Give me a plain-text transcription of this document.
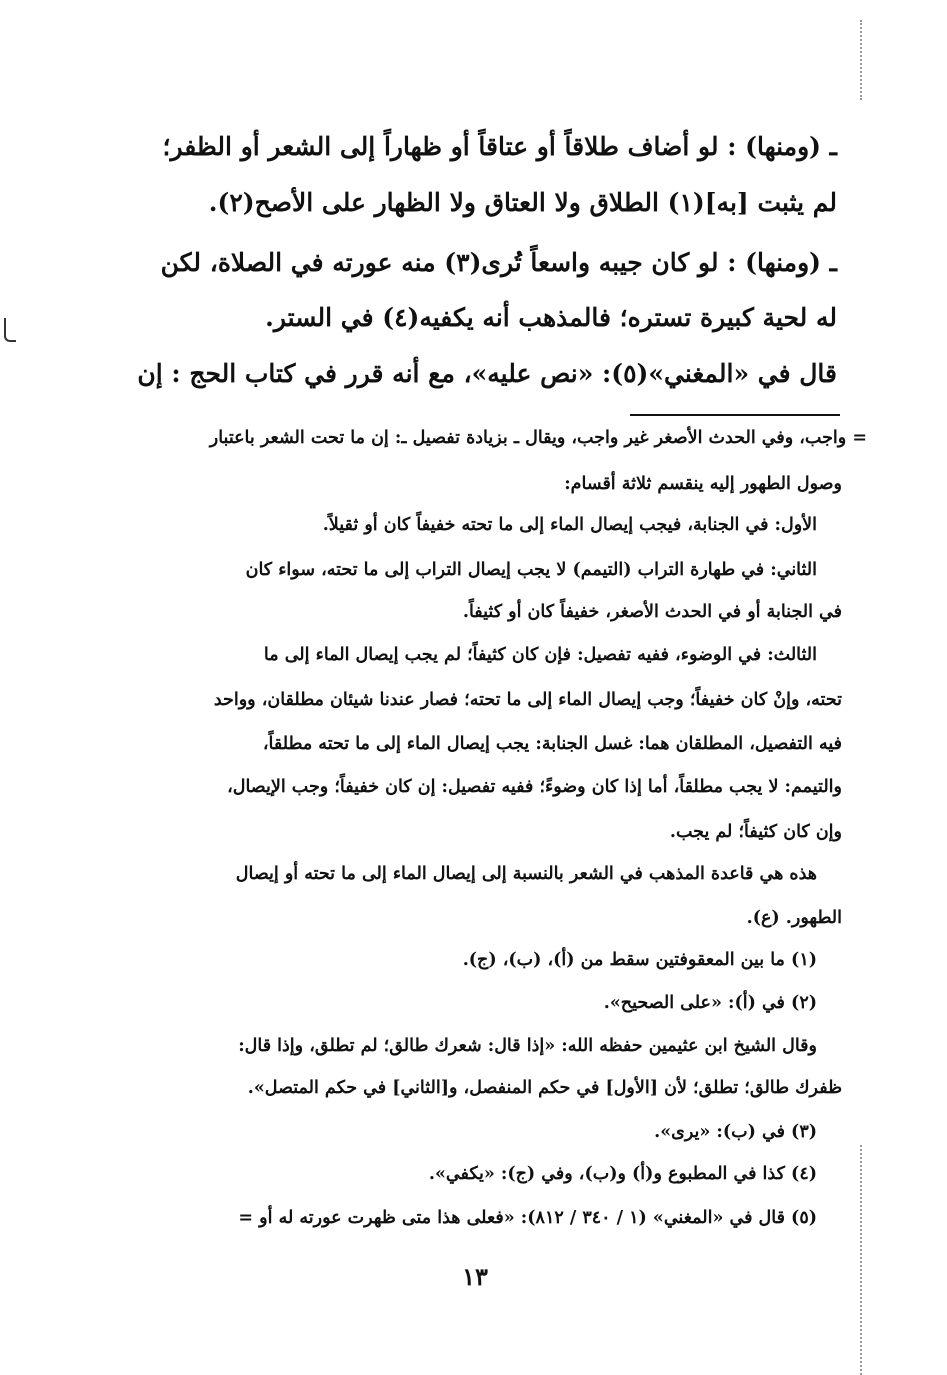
ـ (ومنها) : لو أضاف طلاقاً أو عتاقاً أو ظهاراً إلى الشعر أو الظفر؛
لم يثبت [به](١) الطلاق ولا العتاق ولا الظهار على الأصح(٢).
ـ (ومنها) : لو كان جيبه واسعاً تُرى(٣) منه عورته في الصلاة، لكن
له لحية كبيرة تستره؛ فالمذهب أنه يكفيه(٤) في الستر.
قال في «المغني»(٥): «نص عليه»، مع أنه قرر في كتاب الحج : إن
= واجب، وفي الحدث الأصغر غير واجب، ويقال ـ بزيادة تفصيل ـ: إن ما تحت الشعر باعتبار
وصول الطهور إليه ينقسم ثلاثة أقسام:
الأول: في الجنابة، فيجب إيصال الماء إلى ما تحته خفيفاً كان أو ثقيلاً.
الثاني: في طهارة التراب (التيمم) لا يجب إيصال التراب إلى ما تحته، سواء كان
في الجنابة أو في الحدث الأصغر، خفيفاً كان أو كثيفاً.
الثالث: في الوضوء، ففيه تفصيل: فإن كان كثيفاً؛ لم يجب إيصال الماء إلى ما
تحته، وإنْ كان خفيفاً؛ وجب إيصال الماء إلى ما تحته؛ فصار عندنا شيئان مطلقان، وواحد
فيه التفصيل، المطلقان هما: غسل الجنابة: يجب إيصال الماء إلى ما تحته مطلقاً،
والتيمم: لا يجب مطلقاً، أما إذا كان وضوءً؛ ففيه تفصيل: إن كان خفيفاً؛ وجب الإيصال،
وإن كان كثيفاً؛ لم يجب.
هذه هي قاعدة المذهب في الشعر بالنسبة إلى إيصال الماء إلى ما تحته أو إيصال
الطهور. (ع).
(١) ما بين المعقوفتين سقط من (أ)، (ب)، (ج).
(٢) في (أ): «على الصحيح».
وقال الشيخ ابن عثيمين حفظه الله: «إذا قال: شعرك طالق؛ لم تطلق، وإذا قال:
ظفرك طالق؛ تطلق؛ لأن [الأول] في حكم المنفصل، و[الثاني] في حكم المتصل».
(٣) في (ب): «يرى».
(٤) كذا في المطبوع و(أ) و(ب)، وفي (ج): «يكفي».
(٥) قال في «المغني» (١ / ٣٤٠ / ٨١٢): «فعلى هذا متى ظهرت عورته له أو =
١٣
